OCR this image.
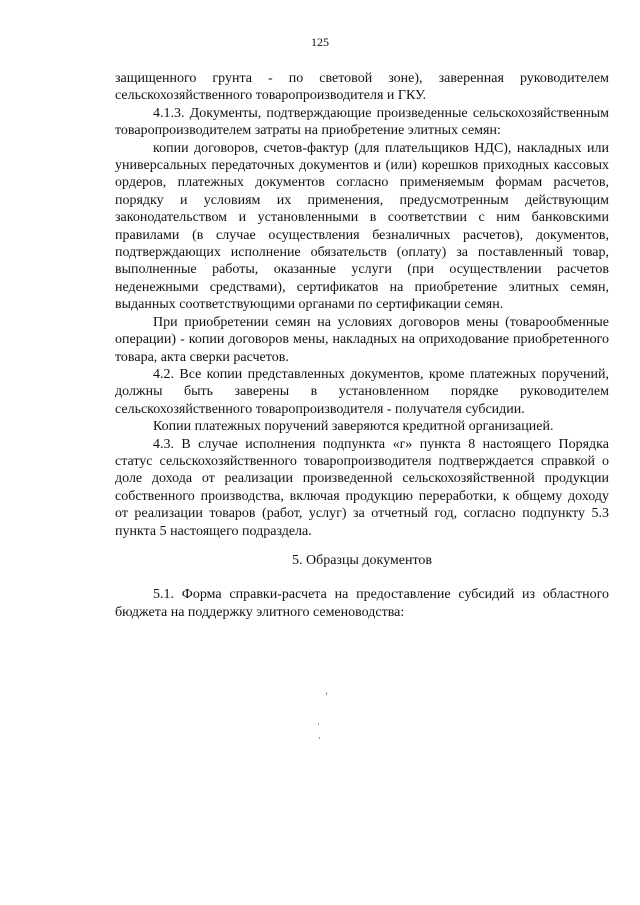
125

защищенного грунта - по световой зоне), заверенная руководителем сельскохозяйственного товаропроизводителя и ГКУ.

4.1.3. Документы, подтверждающие произведенные сельскохозяйственным товаропроизводителем затраты на приобретение элитных семян:

копии договоров, счетов-фактур (для плательщиков НДС), накладных или универсальных передаточных документов и (или) корешков приходных кассовых ордеров, платежных документов согласно применяемым формам расчетов, порядку и условиям их применения, предусмотренным действующим законодательством и установленными в соответствии с ним банковскими правилами (в случае осуществления безналичных расчетов), документов, подтверждающих исполнение обязательств (оплату) за поставленный товар, выполненные работы, оказанные услуги (при осуществлении расчетов неденежными средствами), сертификатов на приобретение элитных семян, выданных соответствующими органами по сертификации семян.

При приобретении семян на условиях договоров мены (товарообменные операции) - копии договоров мены, накладных на оприходование приобретенного товара, акта сверки расчетов.

4.2. Все копии представленных документов, кроме платежных поручений, должны быть заверены в установленном порядке руководителем сельскохозяйственного товаропроизводителя - получателя субсидии.

Копии платежных поручений заверяются кредитной организацией.

4.3. В случае исполнения подпункта «г» пункта 8 настоящего Порядка статус сельскохозяйственного товаропроизводителя подтверждается справкой о доле дохода от реализации произведенной сельскохозяйственной продукции собственного производства, включая продукцию переработки, к общему доходу от реализации товаров (работ, услуг) за отчетный год, согласно подпункту 5.3 пункта 5 настоящего подраздела.

5. Образцы документов

5.1. Форма справки-расчета на предоставление субсидий из областного бюджета на поддержку элитного семеноводства:
